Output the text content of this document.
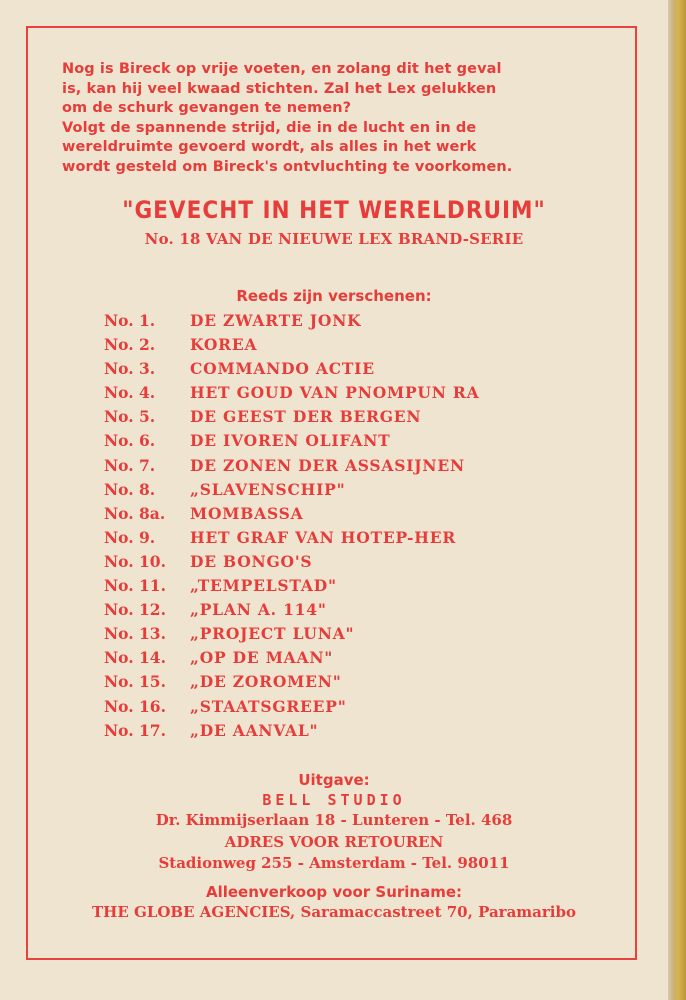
Nog is Bireck op vrije voeten, en zolang dit het geval
is, kan hij veel kwaad stichten. Zal het Lex gelukken
om de schurk gevangen te nemen?
Volgt de spannende strijd, die in de lucht en in de
wereldruimte gevoerd wordt, als alles in het werk
wordt gesteld om Bireck's ontvluchting te voorkomen.
"GEVECHT IN HET WERELDRUIM"
No. 18 VAN DE NIEUWE LEX BRAND-SERIE
Reeds zijn verschenen:
No. 1. DE ZWARTE JONK
No. 2. KOREA
No. 3. COMMANDO ACTIE
No. 4. HET GOUD VAN PNOMPUN RA
No. 5. DE GEEST DER BERGEN
No. 6. DE IVOREN OLIFANT
No. 7. DE ZONEN DER ASSASIJNEN
No. 8. „SLAVENSCHIP"
No. 8a. MOMBASSA
No. 9. HET GRAF VAN HOTEP-HER
No. 10. DE BONGO'S
No. 11. „TEMPELSTAD"
No. 12. „PLAN A. 114"
No. 13. „PROJECT LUNA"
No. 14. „OP DE MAAN"
No. 15. „DE ZOROMEN"
No. 16. „STAATSGREEP"
No. 17. „DE AANVAL"
Uitgave:
BELL STUDIO
Dr. Kimmijserlaan 18 - Lunteren - Tel. 468
ADRES VOOR RETOUREN
Stadionweg 255 - Amsterdam - Tel. 98011
Alleenverkoop voor Suriname:
THE GLOBE AGENCIES, Saramaccastreet 70, Paramaribo
